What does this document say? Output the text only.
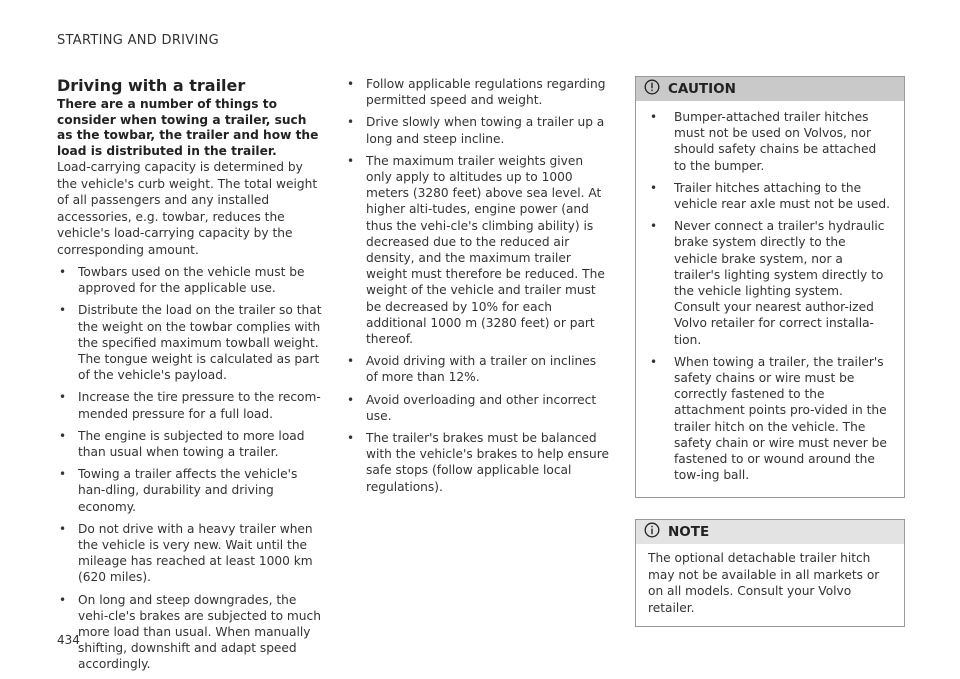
STARTING AND DRIVING
Driving with a trailer

There are a number of things to consider when towing a trailer, such as the towbar, the trailer and how the load is distributed in the trailer.

Load-carrying capacity is determined by the vehicle's curb weight. The total weight of all passengers and any installed accessories, e.g. towbar, reduces the vehicle's load-carrying capacity by the corresponding amount.

• Towbars used on the vehicle must be approved for the applicable use.
• Distribute the load on the trailer so that the weight on the towbar complies with the specified maximum towball weight. The tongue weight is calculated as part of the vehicle's payload.
• Increase the tire pressure to the recom-mended pressure for a full load.
• The engine is subjected to more load than usual when towing a trailer.
• Towing a trailer affects the vehicle's han-dling, durability and driving economy.
• Do not drive with a heavy trailer when the vehicle is very new. Wait until the mileage has reached at least 1000 km (620 miles).
• On long and steep downgrades, the vehi-cle's brakes are subjected to much more load than usual. When manually shifting, downshift and adapt speed accordingly.
• Follow applicable regulations regarding permitted speed and weight.
• Drive slowly when towing a trailer up a long and steep incline.
• The maximum trailer weights given only apply to altitudes up to 1000 meters (3280 feet) above sea level. At higher alti-tudes, engine power (and thus the vehi-cle's climbing ability) is decreased due to the reduced air density, and the maximum trailer weight must therefore be reduced. The weight of the vehicle and trailer must be decreased by 10% for each additional 1000 m (3280 feet) or part thereof.
• Avoid driving with a trailer on inclines of more than 12%.
• Avoid overloading and other incorrect use.
• The trailer's brakes must be balanced with the vehicle's brakes to help ensure safe stops (follow applicable local regulations).
CAUTION
• Bumper-attached trailer hitches must not be used on Volvos, nor should safety chains be attached to the bumper.
• Trailer hitches attaching to the vehicle rear axle must not be used.
• Never connect a trailer's hydraulic brake system directly to the vehicle brake system, nor a trailer's lighting system directly to the vehicle lighting system. Consult your nearest author-ized Volvo retailer for correct installa-tion.
• When towing a trailer, the trailer's safety chains or wire must be correctly fastened to the attachment points pro-vided in the trailer hitch on the vehicle. The safety chain or wire must never be fastened to or wound around the tow-ing ball.
NOTE
The optional detachable trailer hitch may not be available in all markets or on all models. Consult your Volvo retailer.
434
